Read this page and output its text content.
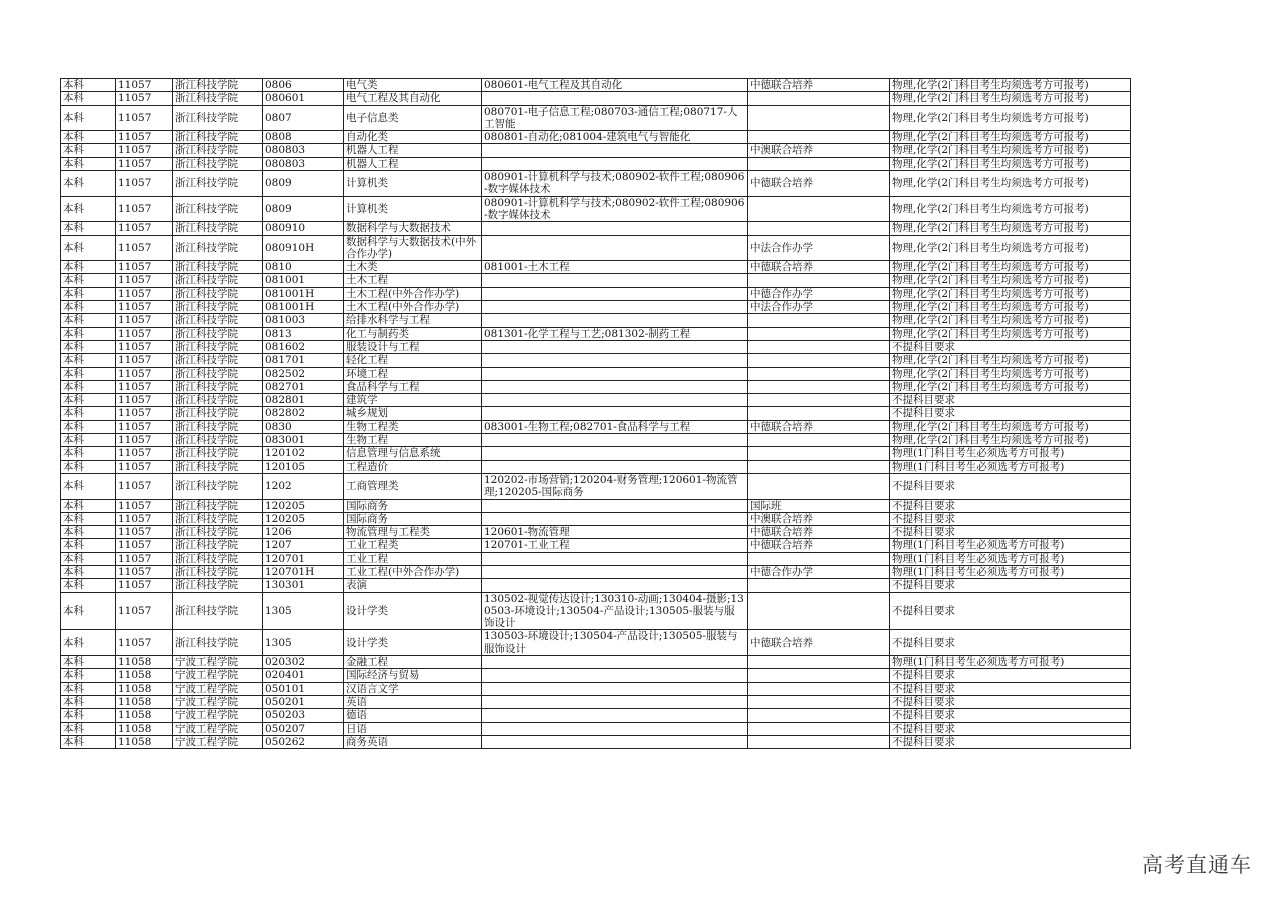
本科	11057	浙江科技学院	0806	电气类	080601-电气工程及其自动化	中德联合培养	物理,化学(2门科目考生均须选考方可报考)
本科	11057	浙江科技学院	080601	电气工程及其自动化			物理,化学(2门科目考生均须选考方可报考)
本科	11057	浙江科技学院	0807	电子信息类	080701-电子信息工程;080703-通信工程;080717-人工智能		物理,化学(2门科目考生均须选考方可报考)
本科	11057	浙江科技学院	0808	自动化类	080801-自动化;081004-建筑电气与智能化		物理,化学(2门科目考生均须选考方可报考)
本科	11057	浙江科技学院	080803	机器人工程		中澳联合培养	物理,化学(2门科目考生均须选考方可报考)
本科	11057	浙江科技学院	080803	机器人工程			物理,化学(2门科目考生均须选考方可报考)
本科	11057	浙江科技学院	0809	计算机类	080901-计算机科学与技术;080902-软件工程;080906-数字媒体技术	中德联合培养	物理,化学(2门科目考生均须选考方可报考)
本科	11057	浙江科技学院	0809	计算机类	080901-计算机科学与技术;080902-软件工程;080906-数字媒体技术		物理,化学(2门科目考生均须选考方可报考)
本科	11057	浙江科技学院	080910	数据科学与大数据技术			物理,化学(2门科目考生均须选考方可报考)
本科	11057	浙江科技学院	080910H	数据科学与大数据技术(中外合作办学)		中法合作办学	物理,化学(2门科目考生均须选考方可报考)
本科	11057	浙江科技学院	0810	土木类	081001-土木工程	中德联合培养	物理,化学(2门科目考生均须选考方可报考)
本科	11057	浙江科技学院	081001	土木工程			物理,化学(2门科目考生均须选考方可报考)
本科	11057	浙江科技学院	081001H	土木工程(中外合作办学)		中德合作办学	物理,化学(2门科目考生均须选考方可报考)
本科	11057	浙江科技学院	081001H	土木工程(中外合作办学)		中法合作办学	物理,化学(2门科目考生均须选考方可报考)
本科	11057	浙江科技学院	081003	给排水科学与工程			物理,化学(2门科目考生均须选考方可报考)
本科	11057	浙江科技学院	0813	化工与制药类	081301-化学工程与工艺;081302-制药工程		物理,化学(2门科目考生均须选考方可报考)
本科	11057	浙江科技学院	081602	服装设计与工程			不提科目要求
本科	11057	浙江科技学院	081701	轻化工程			物理,化学(2门科目考生均须选考方可报考)
本科	11057	浙江科技学院	082502	环境工程			物理,化学(2门科目考生均须选考方可报考)
本科	11057	浙江科技学院	082701	食品科学与工程			物理,化学(2门科目考生均须选考方可报考)
本科	11057	浙江科技学院	082801	建筑学			不提科目要求
本科	11057	浙江科技学院	082802	城乡规划			不提科目要求
本科	11057	浙江科技学院	0830	生物工程类	083001-生物工程;082701-食品科学与工程	中德联合培养	物理,化学(2门科目考生均须选考方可报考)
本科	11057	浙江科技学院	083001	生物工程			物理,化学(2门科目考生均须选考方可报考)
本科	11057	浙江科技学院	120102	信息管理与信息系统			物理(1门科目考生必须选考方可报考)
本科	11057	浙江科技学院	120105	工程造价			物理(1门科目考生必须选考方可报考)
本科	11057	浙江科技学院	1202	工商管理类	120202-市场营销;120204-财务管理;120601-物流管理;120205-国际商务		不提科目要求
本科	11057	浙江科技学院	120205	国际商务		国际班	不提科目要求
本科	11057	浙江科技学院	120205	国际商务		中澳联合培养	不提科目要求
本科	11057	浙江科技学院	1206	物流管理与工程类	120601-物流管理	中德联合培养	不提科目要求
本科	11057	浙江科技学院	1207	工业工程类	120701-工业工程	中德联合培养	物理(1门科目考生必须选考方可报考)
本科	11057	浙江科技学院	120701	工业工程			物理(1门科目考生必须选考方可报考)
本科	11057	浙江科技学院	120701H	工业工程(中外合作办学)		中德合作办学	物理(1门科目考生必须选考方可报考)
本科	11057	浙江科技学院	130301	表演			不提科目要求
本科	11057	浙江科技学院	1305	设计学类	130502-视觉传达设计;130310-动画;130404-摄影;130503-环境设计;130504-产品设计;130505-服装与服饰设计		不提科目要求
本科	11057	浙江科技学院	1305	设计学类	130503-环境设计;130504-产品设计;130505-服装与服饰设计	中德联合培养	不提科目要求
本科	11058	宁波工程学院	020302	金融工程			物理(1门科目考生必须选考方可报考)
本科	11058	宁波工程学院	020401	国际经济与贸易			不提科目要求
本科	11058	宁波工程学院	050101	汉语言文学			不提科目要求
本科	11058	宁波工程学院	050201	英语			不提科目要求
本科	11058	宁波工程学院	050203	德语			不提科目要求
本科	11058	宁波工程学院	050207	日语			不提科目要求
本科	11058	宁波工程学院	050262	商务英语			不提科目要求
高考直通车
